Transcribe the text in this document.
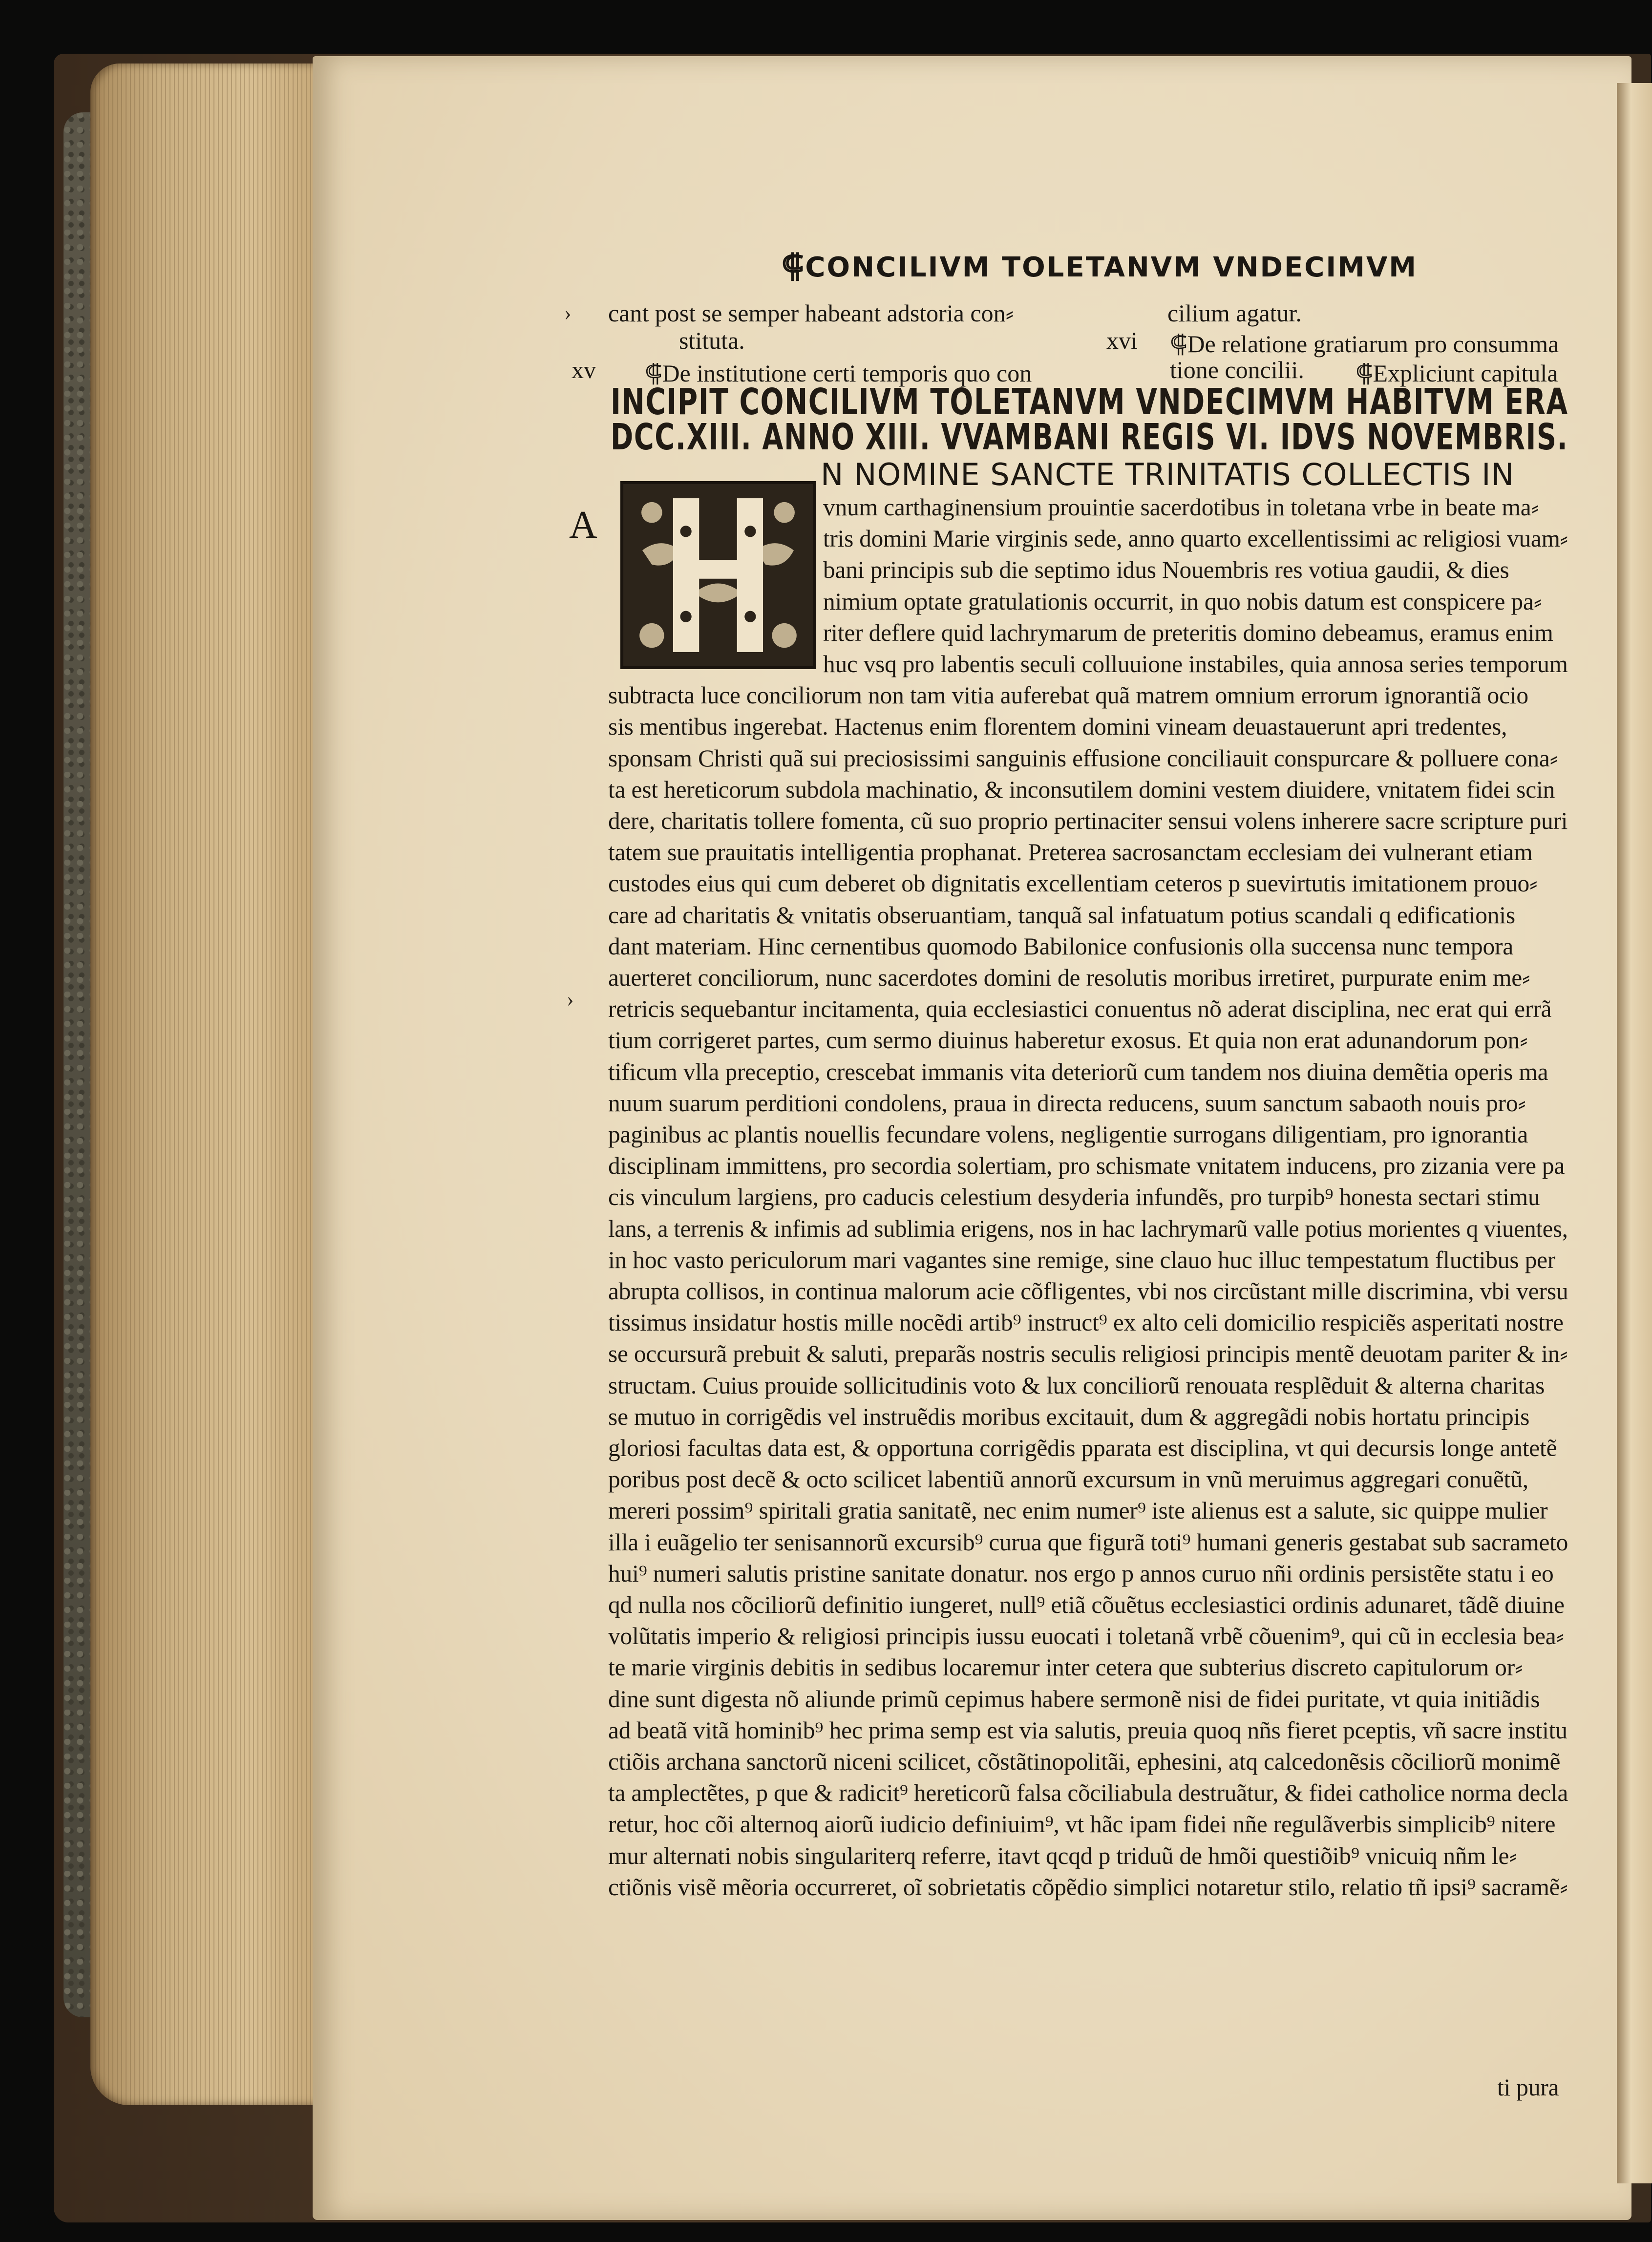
⸿CONCILIVM TOLETANVM VNDECIMVM
cant post se semper habeant adstoria con⸗	cilium agatur.
stituta.	xvi ⸿De relatione gratiarum pro consumma
xv ⸿De institutione certi temporis quo con	tione concilii. ⸿Expliciunt capitula
INCIPIT CONCILIVM TOLETANVM VNDECIMVM HABITVM ERA
DCC.XIII. ANNO XIII. VVAMBANI REGIS VI. IDVS NOVEMBRIS.
A
N NOMINE SANCTE TRINITATIS COLLECTIS IN
vnum carthaginensium prouintie sacerdotibus in toletana vrbe in beate ma⸗
tris domini Marie virginis sede, anno quarto excellentissimi ac religiosi vuam⸗
bani principis sub die septimo idus Nouembris res votiua gaudii, & dies
nimium optate gratulationis occurrit, in quo nobis datum est conspicere pa⸗
riter deflere quid lachrymarum de preteritis domino debeamus, eramus enim
huc vsq pro labentis seculi colluuione instabiles, quia annosa series temporum
subtracta luce conciliorum non tam vitia auferebat quã matrem omnium errorum ignorantiã ocio
sis mentibus ingerebat. Hactenus enim florentem domini vineam deuastauerunt apri tredentes,
sponsam Christi quã sui preciosissimi sanguinis effusione conciliauit conspurcare & polluere cona⸗
ta est hereticorum subdola machinatio, & inconsutilem domini vestem diuidere, vnitatem fidei scin
dere, charitatis tollere fomenta, cũ suo proprio pertinaciter sensui volens inherere sacre scripture puri
tatem sue prauitatis intelligentia prophanat. Preterea sacrosanctam ecclesiam dei vulnerant etiam
custodes eius qui cum deberet ob dignitatis excellentiam ceteros p suevirtutis imitationem prouo⸗
care ad charitatis & vnitatis obseruantiam, tanquã sal infatuatum potius scandali q edificationis
dant materiam. Hinc cernentibus quomodo Babilonice confusionis olla succensa nunc tempora
auerteret conciliorum, nunc sacerdotes domini de resolutis moribus irretiret, purpurate enim me⸗
retricis sequebantur incitamenta, quia ecclesiastici conuentus nõ aderat disciplina, nec erat qui errã
tium corrigeret partes, cum sermo diuinus haberetur exosus. Et quia non erat adunandorum pon⸗
tificum vlla preceptio, crescebat immanis vita deteriorũ cum tandem nos diuina demẽtia operis ma
nuum suarum perditioni condolens, praua in directa reducens, suum sanctum sabaoth nouis pro⸗
paginibus ac plantis nouellis fecundare volens, negligentie surrogans diligentiam, pro ignorantia
disciplinam immittens, pro secordia solertiam, pro schismate vnitatem inducens, pro zizania vere pa
cis vinculum largiens, pro caducis celestium desyderia infundẽs, pro turpib⁹ honesta sectari stimu
lans, a terrenis & infimis ad sublimia erigens, nos in hac lachrymarũ valle potius morientes q viuentes,
in hoc vasto periculorum mari vagantes sine remige, sine clauo huc illuc tempestatum fluctibus per
abrupta collisos, in continua malorum acie cõfligentes, vbi nos circũstant mille discrimina, vbi versu
tissimus insidatur hostis mille nocẽdi artib⁹ instruct⁹ ex alto celi domicilio respiciẽs asperitati nostre
se occursurã prebuit & saluti, preparãs nostris seculis religiosi principis mentẽ deuotam pariter & in⸗
structam. Cuius prouide sollicitudinis voto & lux conciliorũ renouata resplẽduit & alterna charitas
se mutuo in corrigẽdis vel instruẽdis moribus excitauit, dum & aggregãdi nobis hortatu principis
gloriosi facultas data est, & opportuna corrigẽdis pparata est disciplina, vt qui decursis longe antetẽ
poribus post decẽ & octo scilicet labentiũ annorũ excursum in vnũ meruimus aggregari conuẽtũ,
mereri possim⁹ spiritali gratia sanitatẽ, nec enim numer⁹ iste alienus est a salute, sic quippe mulier
illa i euãgelio ter senisannorũ excursib⁹ curua que figurã toti⁹ humani generis gestabat sub sacrameto
hui⁹ numeri salutis pristine sanitate donatur. nos ergo p annos curuo nñi ordinis persistẽte statu i eo
qd nulla nos cõciliorũ definitio iungeret, null⁹ etiã cõuẽtus ecclesiastici ordinis adunaret, tãdẽ diuine
volũtatis imperio & religiosi principis iussu euocati i toletanã vrbẽ cõuenim⁹, qui cũ in ecclesia bea⸗
te marie virginis debitis in sedibus locaremur inter cetera que subterius discreto capitulorum or⸗
dine sunt digesta nõ aliunde primũ cepimus habere sermonẽ nisi de fidei puritate, vt quia initiãdis
ad beatã vitã hominib⁹ hec prima semp est via salutis, preuia quoq nñs fieret pceptis, vñ sacre institu
ctiõis archana sanctorũ niceni scilicet, cõstãtinopolitãi, ephesini, atq calcedonẽsis cõciliorũ monimẽ
ta amplectẽtes, p que & radicit⁹ hereticorũ falsa cõciliabula destruãtur, & fidei catholice norma decla
retur, hoc cõi alternoq aiorũ iudicio definiuim⁹, vt hãc ipam fidei nñe regulãverbis simplicib⁹ nitere
mur alternati nobis singulariterq referre, itavt qcqd p triduũ de hmõi questiõib⁹ vnicuiq nñm le⸗
ctiõnis visẽ mẽoria occurreret, oĩ sobrietatis cõpẽdio simplici notaretur stilo, relatio tñ ipsi⁹ sacramẽ⸗
ti pura
›
›
